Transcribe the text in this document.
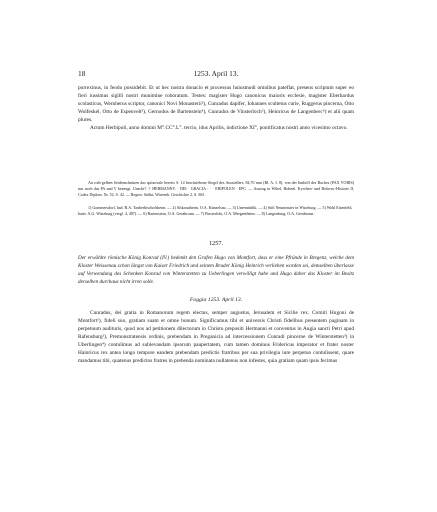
18	1253. April 13.

porrexinus, in feodo possidebit. Et ut hec nostra donacio et processus huiusmodi omnibus pateflat, presens scriptum super eo fieri iussimus sigilli nostri munimine roboratum. Testes: magister Hugo canonicus maioris ecclesie, magister Eberhardus scolasticus, Wernherus scriptor, canonici Novi Monasterii²), Cunradus dapifer, Iohannes scultetus curie, Ruggerus pincerna, Otto Wolfeskel, Otto de Espenvelt³), Gernodus de Bartenstein⁴), Cunradus de Vinsterloch⁵), Heinricus de Langenberc⁶) et alii quam plures.

Actum Herbipoli, anno domini M°.CC°.L°. tercio, idus Aprilis, indictione XI°, pontificatus nostri anno vicesimo octavo.

An roth-gelben Seidenschnüren das spitzovale bereits S. 14 beschriebene Siegel des Ausstellers, 84,70 mm (Bl. A. I. 8), von der Innhöfl des Buches (PAX VOBIS) nur noch das PA und V bezeugt. Unecht?: † HERMANNV. · DEI · GRACIA · · · EBIPOLEN · EPC. — Auszug in Wibel, Hohenl. Kyrchen- und Reform.-Historie II, Codex Diplom. Nr. 52, S. 42. — Regest: Stälin, Wirtemb. Geschichte 2, S. 565.

1) Gommersdorf, bad. B.A. Tauberbischofsheim. — 2) Altkrautheim, O.A. Künzelsau. — 3) Unermüttlik. — 4) Stift Neuminster in Würzburg. — 5) Wohl Eisenfeld, baier. A.G. Würzburg (vergl. 4, 487). — 6) Bartenstein, O.A. Gerabronn. — 7) Finsterlohr, O.A. Mergentheim. — 8) Langenburg, O.A. Gerabronn.

1257.

Der erwählte römische König Konrad (IV.) bedenkt den Grafen Hugo von Montfort, dass er eine Pfründe in Bregenz, welche dem Kloster Weissenau schon längst von Kaiser Friedrich und seinem Bruder König Heinrich verliehen worden sei, demselben überlasse auf Verwendung des Schenken Konrad von Winterstetten zu Ueberlingen verwilligt habe und Hugo daher das Kloster im Besitz derselben durchaus nicht irren solle.

Foggia 1253. April 13.

Cunradus, dei gratia in Romanorum regem electus, semper augustus, Ierusalem et Sicilie rex. Comiti Hugoni de Montfort¹), fideli suo, gratiam suam et omne bonum. Significamus tibi et universis Christi fidelibus presentem paginam in perpetuum audituris, quod nos ad petitionem dilectorum in Christo prepositi Hermanni et conventus in Augia sancti Petri apud Rafensburg²), Premonstratensis ordinis, prebendam in Preganicia ad intercessionem Cunradi pincerne de Winterstetten³) in Uberlingen⁴) contulimus ad sublevandam ipsorum paupertatem, cum tamen dominus Fridericus imperator et frater noster Hainricus rex antea longo tempore eandem prebendam predictis fratribus per sua privilegia iure perpetuo contulissent, quare mandamus tibi, quatenus predictos fratres in prebenda nominata nullatenus non infestes, quia gratiam quam ipsis fecimus
